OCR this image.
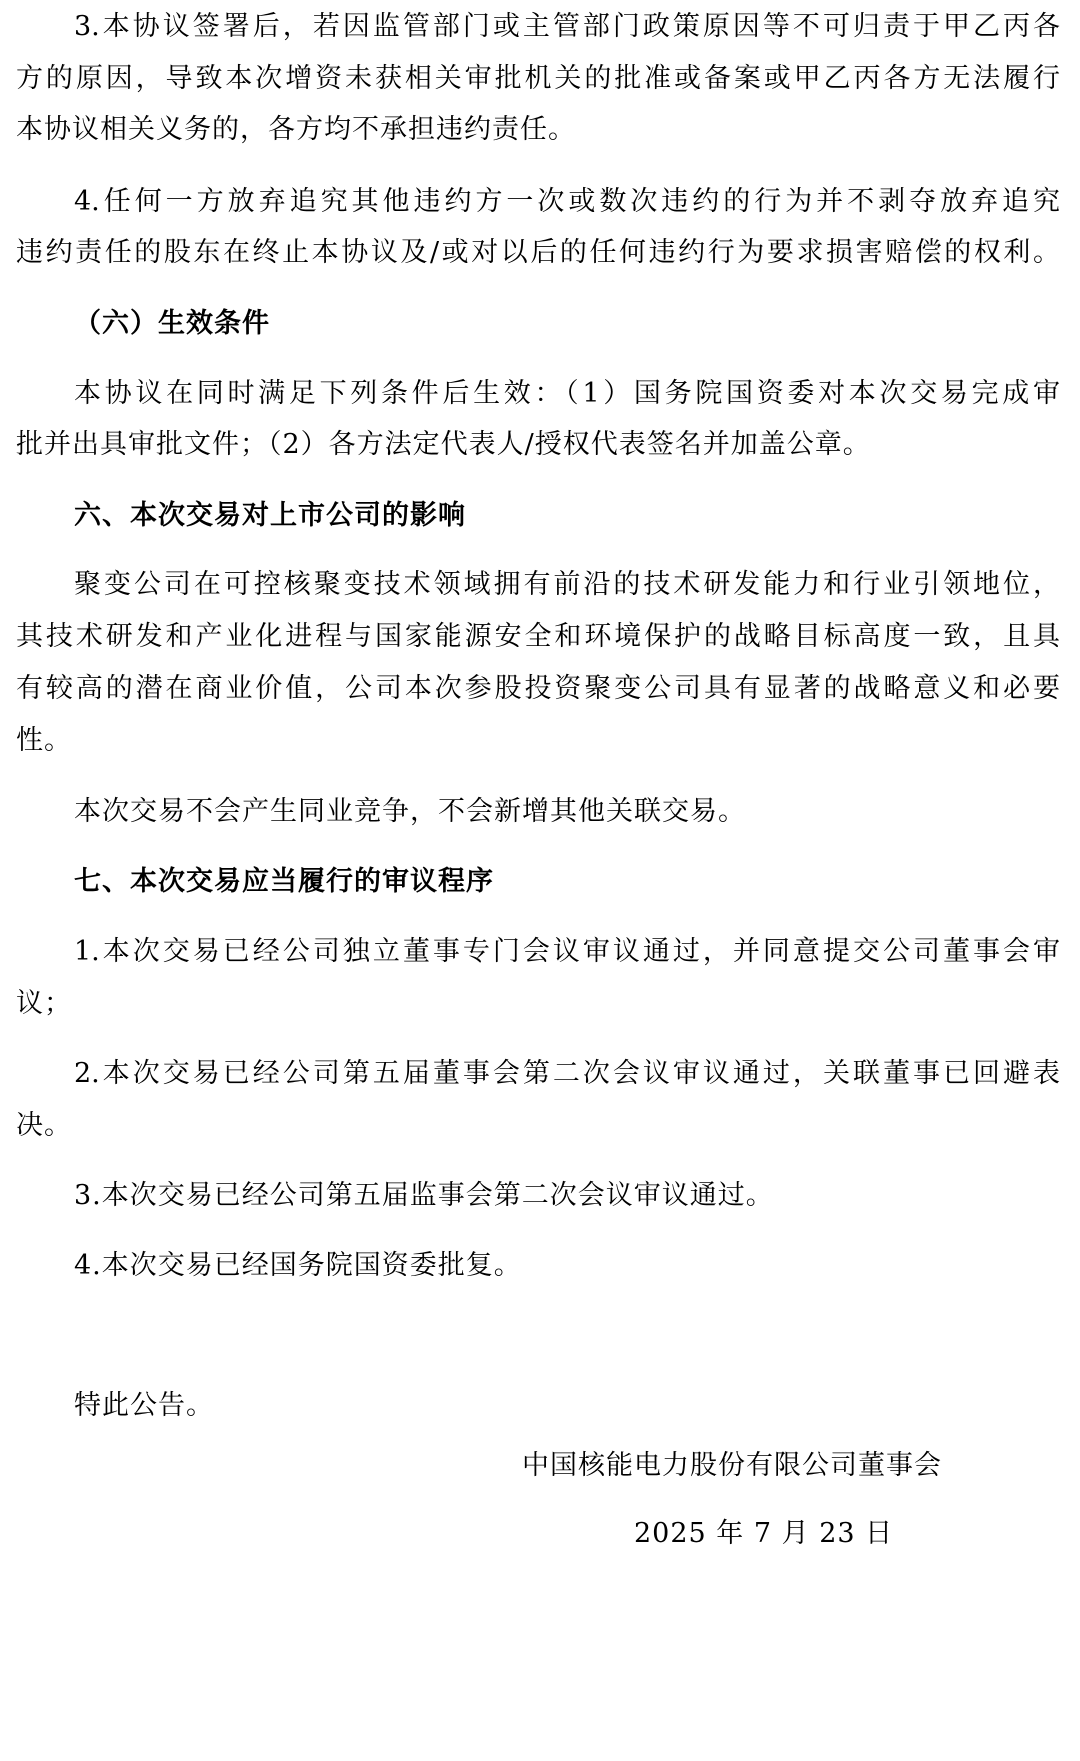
3.本协议签署后，若因监管部门或主管部门政策原因等不可归责于甲乙丙各
方的原因，导致本次增资未获相关审批机关的批准或备案或甲乙丙各方无法履行
本协议相关义务的，各方均不承担违约责任。
4.任何一方放弃追究其他违约方一次或数次违约的行为并不剥夺放弃追究
违约责任的股东在终止本协议及/或对以后的任何违约行为要求损害赔偿的权利。
（六）生效条件
本协议在同时满足下列条件后生效：（1）国务院国资委对本次交易完成审
批并出具审批文件；（2）各方法定代表人/授权代表签名并加盖公章。
六、本次交易对上市公司的影响
聚变公司在可控核聚变技术领域拥有前沿的技术研发能力和行业引领地位，
其技术研发和产业化进程与国家能源安全和环境保护的战略目标高度一致，且具
有较高的潜在商业价值，公司本次参股投资聚变公司具有显著的战略意义和必要
性。
本次交易不会产生同业竞争，不会新增其他关联交易。
七、本次交易应当履行的审议程序
1.本次交易已经公司独立董事专门会议审议通过，并同意提交公司董事会审
议；
2.本次交易已经公司第五届董事会第二次会议审议通过，关联董事已回避表
决。
3.本次交易已经公司第五届监事会第二次会议审议通过。
4.本次交易已经国务院国资委批复。
特此公告。
中国核能电力股份有限公司董事会
2025 年 7 月 23 日
